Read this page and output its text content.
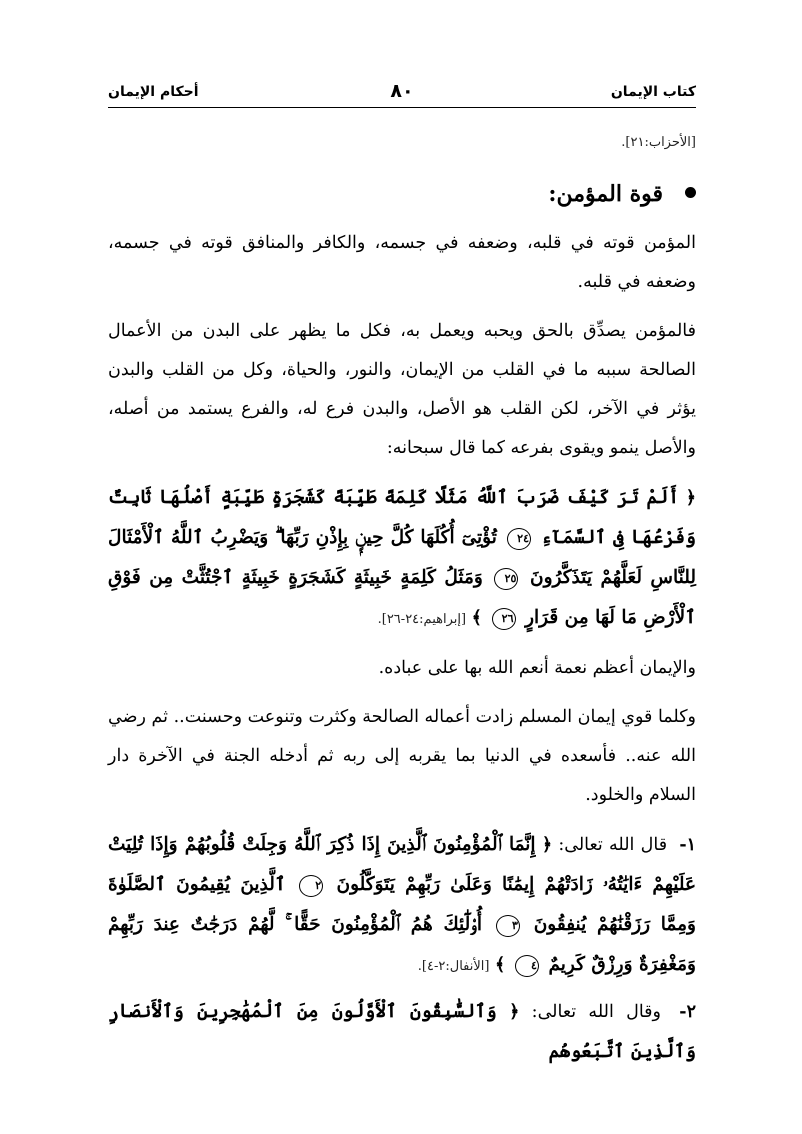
كتاب الإيمان
٨٠
أحكام الإيمان
[الأحزاب:٢١].
قوة المؤمن:

المؤمن قوته في قلبه، وضعفه في جسمه، والكافر والمنافق قوته في جسمه، وضعفه في قلبه.

فالمؤمن يصدِّق بالحق ويحبه ويعمل به، فكل ما يظهر على البدن من الأعمال الصالحة سببه ما في القلب من الإيمان، والنور، والحياة، وكل من القلب والبدن يؤثر في الآخر، لكن القلب هو الأصل، والبدن فرع له، والفرع يستمد من أصله، والأصل ينمو ويقوى بفرعه كما قال سبحانه:

﴿ أَلَمْ تَرَ كَيْفَ ضَرَبَ ٱللَّهُ مَثَلًا كَلِمَةً طَيِّبَةً كَشَجَرَةٍ طَيِّبَةٍ أَصْلُهَا ثَابِتٌ وَفَرْعُهَا فِى ٱلسَّمَآءِ ٢٤ تُؤْتِىٓ أُكُلَهَا كُلَّ حِينٍۭ بِإِذْنِ رَبِّهَا ۗ وَيَضْرِبُ ٱللَّهُ ٱلْأَمْثَالَ لِلنَّاسِ لَعَلَّهُمْ يَتَذَكَّرُونَ ٢٥ وَمَثَلُ كَلِمَةٍ خَبِيثَةٍ كَشَجَرَةٍ خَبِيثَةٍ ٱجْتُثَّتْ مِن فَوْقِ ٱلْأَرْضِ مَا لَهَا مِن قَرَارٍ ٢٦ ﴾ [إبراهيم:٢٤-٢٦].

والإيمان أعظم نعمة أنعم الله بها على عباده.

وكلما قوي إيمان المسلم زادت أعماله الصالحة وكثرت وتنوعت وحسنت.. ثم رضي الله عنه.. فأسعده في الدنيا بما يقربه إلى ربه ثم أدخله الجنة في الآخرة دار السلام والخلود.

١- قال الله تعالى: ﴿ إِنَّمَا ٱلْمُؤْمِنُونَ ٱلَّذِينَ إِذَا ذُكِرَ ٱللَّهُ وَجِلَتْ قُلُوبُهُمْ وَإِذَا تُلِيَتْ عَلَيْهِمْ ءَايَٰتُهُۥ زَادَتْهُمْ إِيمَٰنًا وَعَلَىٰ رَبِّهِمْ يَتَوَكَّلُونَ ٢ ٱلَّذِينَ يُقِيمُونَ ٱلصَّلَوٰةَ وَمِمَّا رَزَقْنَٰهُمْ يُنفِقُونَ ٣ أُو۟لَٰٓئِكَ هُمُ ٱلْمُؤْمِنُونَ حَقًّا ۚ لَّهُمْ دَرَجَٰتٌ عِندَ رَبِّهِمْ وَمَغْفِرَةٌ وَرِزْقٌ كَرِيمٌ ٤ ﴾ [الأنفال:٢-٤].

٢- وقال الله تعالى: ﴿ وَٱلسَّٰبِقُونَ ٱلْأَوَّلُونَ مِنَ ٱلْمُهَٰجِرِينَ وَٱلْأَنصَارِ وَٱلَّذِينَ ٱتَّبَعُوهُم
